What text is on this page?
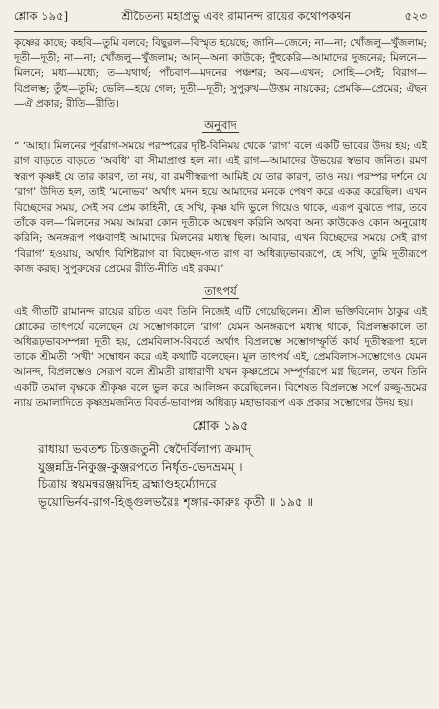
শ্লোক ১৯৫]	শ্রীচৈতন্য মহাপ্রভু এবং রামানন্দ রায়ের কথোপকথন	৫২৩

কৃষ্ণের কাছে; কহবি—তুমি বলবে; বিছুরল—বিস্মৃত হয়েছে; জানি—জেনে; না—না; খোঁজলু—খুঁজলাম; দূতী—দূতী; না—না; খোঁজলু—খুঁজলাম; আন্—অন্য কাউকে; দুঁহুকেরি—আমাদের দুজনের; মিলনে—মিলনে; মধ্য—মধ্যে; ত—যথার্থ; পাঁচবাণ—মদনের পঞ্চশর; অব—এখন; সোহি—সেই; বিরাগ—বিপ্রলম্ভ; তুঁহু—তুমি; ভেলি—হয়ে গেল; দূতী—দূতী; সুপুরুখ—উত্তম নায়কের; প্রেমকি—প্রেমের; ঐছন—ঐ প্রকার; রীতি—রীতি।

অনুবাদ

“ ‘আহা। মিলনের পূর্বরাগ-সময়ে পরস্পরের দৃষ্টি-বিনিময় থেকে ‘রাগ’ বলে একটি ভাবের উদয় হয়; এই রাগ বাড়তে বাড়তে ‘অবধি’ বা সীমাপ্রাপ্ত হল না। এই রাগ—আমাদের উভয়ের স্বভাব জনিত। রমণ স্বরূপ কৃষ্ণই যে তার কারণ, তা নয়, বা রমণীস্বরূপা আমিই যে তার কারণ, তাও নয়। পরস্পর দর্শনে যে ‘রাগ’ উদিত হল, তাই ‘মনোভব’ অর্থাৎ মদন হয়ে আমাদের মনকে পেষণ করে একত্র করেছিল। এখন বিচ্ছেদের সময়, সেই সব প্রেম কাহিনী, হে সখি, কৃষ্ণ যদি ভুলে গিয়েও থাকে, এরূপ বুঝতে পার, তবে তাঁকে বল—‘মিলনের সময় আমরা কোন দূতীকে অন্বেষণ করিনি অথবা অন্য কাউকেও কোন অনুরোধ করিনি; অনঙ্গরূপ পঞ্চবাণই আমাদের মিলনের মধ্যস্থ ছিল। আবার, এখন বিচ্ছেদের সময়ে সেই রাগ ‘বিরাগ’ হওয়ায়, অর্থাৎ বিশিষ্টরাগ বা বিচ্ছেদ-গত রাগ বা অধিরূঢ়ভাবরূপে, হে সখি, তুমি দূতীরূপে কাজ করছ। সুপুরুষের প্রেমের রীতি-নীতি এই রকম।’

তাৎপর্য

এই গীতটি রামানন্দ রায়ের রচিত এবং তিনি নিজেই এটি গেয়েছিলেন। শ্রীল ভক্তিবিনোদ ঠাকুর এই শ্লোকের তাৎপর্যে বলেছেন যে সম্ভোগকালে ‘রাগ’ যেমন অনঙ্গরূপে মধ্যস্থ থাকে, বিপ্রলম্ভকালে তা অধিরূঢ়ভাবসম্পন্না দূতী হয়, প্রেমবিলাস-বিবর্তে অর্থাৎ বিপ্রলম্ভে সম্ভোগস্ফূর্তি কাৰ্য দূতীস্বরূপা হলে তাকে শ্রীমতী ‘সখী’ সম্বোধন করে এই কথাটি বলেছেন। মূল তাৎপর্য এই, প্রেমবিলাস-সম্ভোগেও যেমন আনন্দ, বিপ্রলম্ভেও সেরূপ বলে শ্রীমতী রাধারাণী যখন কৃষ্ণপ্রেমে সম্পূর্ণরূপে মগ্ন ছিলেন, তখন তিনি একটি তমাল বৃক্ষকে শ্রীকৃষ্ণ বলে ভুল করে আলিঙ্গন করেছিলেন। বিশেষত বিপ্রলম্ভে সর্পে রজ্জু-ভ্রমের ন্যায় তমালাদিতে কৃষ্ণভ্রমজনিত বিবর্ত-ভাবাপন্ন অধিরূঢ় মহাভাবরূপ এক প্রকার সম্ভোগের উদয় হয়।

শ্লোক ১৯৫
রাধায়া ভবতশ্চ চিত্তজতুনী স্বেদৈর্বিলাপ্য ক্রমাদ্
যুঞ্জন্নদ্রি-নিকুঞ্জ-কুঞ্জরপতে নির্ধৃত-ভেদভ্রমম্ ।
চিত্রায় স্বয়মন্বরঞ্জয়দিহ ব্রহ্মাণ্ডহর্ম্যোদরে
ভূয়োভির্নব-রাগ-হিঙ্গুলভরৈঃ শৃঙ্গার-কারুঃ কৃতী ॥ ১৯৫ ॥
